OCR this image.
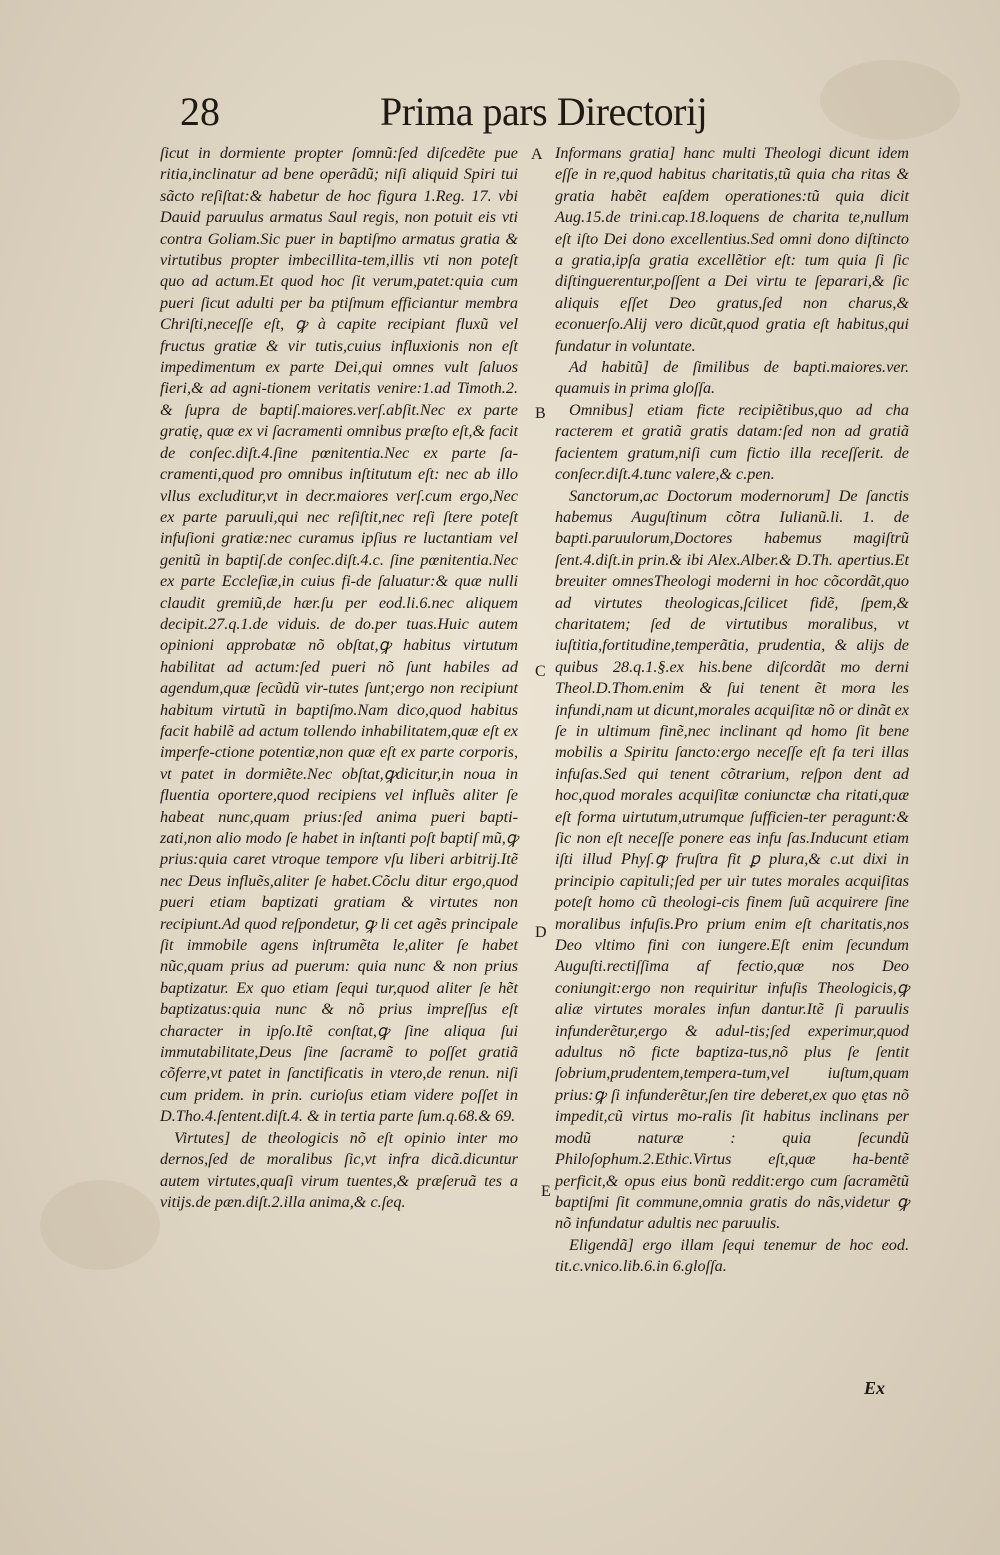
28	Prima pars Directorij

ſicut in dormiente propter ſomnũ:ſed diſcedẽte pue ritia,inclinatur ad bene operãdũ; niſi aliquid Spiri tui sãcto reſiſtat:& habetur de hoc figura 1.Reg. 17. vbi Dauid paruulus armatus Saul regis, non potuit eis vti contra Goliam.Sic puer in baptiſmo armatus gratia & virtutibus propter imbecillita-tem,illis vti non poteſt quo ad actum.Et quod hoc ſit verum,patet:quia cum pueri ſicut adulti per ba ptiſmum efficiantur membra Chriſti,neceſſe eſt, ꝙ à capite recipiant fluxũ vel fructus gratiæ & vir tutis,cuius influxionis non eſt impedimentum ex parte Dei,qui omnes vult ſaluos fieri,& ad agni-tionem veritatis venire:1.ad Timoth.2. & ſupra de baptiſ.maiores.verſ.abſit.Nec ex parte gratię, quæ ex vi ſacramenti omnibus præſto eſt,& facit de conſec.diſt.4.ſine pœnitentia.Nec ex parte ſa-cramenti,quod pro omnibus inſtitutum eſt: nec ab illo vllus excluditur,vt in decr.maiores verſ.cum ergo,Nec ex parte paruuli,qui nec reſiſtit,nec reſi ſtere poteſt infuſioni gratiæ:nec curamus ipſius re luctantiam vel genitũ in baptiſ.de conſec.diſt.4.c. ſine pœnitentia.Nec ex parte Eccleſiæ,in cuius fi-de ſaluatur:& quæ nulli claudit gremiũ,de hær.ſu per eod.li.6.nec aliquem decipit.27.q.1.de viduis. de do.per tuas.Huic autem opinioni approbatæ nõ obſtat,ꝙ habitus virtutum habilitat ad actum:ſed pueri nõ ſunt habiles ad agendum,quæ ſecũdũ vir-tutes ſunt;ergo non recipiunt habitum virtutũ in baptiſmo.Nam dico,quod habitus facit habilẽ ad actum tollendo inhabilitatem,quæ eſt ex imperfe-ctione potentiæ,non quæ eſt ex parte corporis, vt patet in dormiẽte.Nec obſtat,ꝙdicitur,in noua in fluentia oportere,quod recipiens vel influẽs aliter ſe habeat nunc,quam prius:ſed anima pueri bapti-zati,non alio modo ſe habet in inſtanti poſt baptiſ mũ,ꝙ prius:quia caret vtroque tempore vſu liberi arbitrij.Itẽ nec Deus influẽs,aliter ſe habet.Cõclu ditur ergo,quod pueri etiam baptizati gratiam & virtutes non recipiunt.Ad quod reſpondetur, ꝙ li cet agẽs principale ſit immobile agens inſtrumẽta le,aliter ſe habet nũc,quam prius ad puerum: quia nunc & non prius baptizatur. Ex quo etiam ſequi tur,quod aliter ſe hẽt baptizatus:quia nunc & nõ prius impreſſus eſt character in ipſo.Itẽ conſtat,ꝙ ſine aliqua ſui immutabilitate,Deus ſine ſacramẽ to poſſet gratiã cõferre,vt patet in ſanctificatis in vtero,de renun. niſi cum pridem. in prin. curioſus etiam videre poſſet in D.Tho.4.ſentent.diſt.4. & in tertia parte ſum.q.68.& 69.

Virtutes] de theologicis nõ eſt opinio inter mo dernos,ſed de moralibus ſic,vt infra dicã.dicuntur autem virtutes,quaſi virum tuentes,& præſeruã tes a vitijs.de pæn.diſt.2.illa anima,& c.ſeq.

A
B
C
D
E

Informans gratia] hanc multi Theologi dicunt idem eſſe in re,quod habitus charitatis,tũ quia cha ritas & gratia habẽt eaſdem operationes:tũ quia dicit Aug.15.de trini.cap.18.loquens de charita te,nullum eſt iſto Dei dono excellentius.Sed omni dono diſtincto a gratia,ipſa gratia excellẽtior eſt: tum quia ſi ſic diſtinguerentur,poſſent a Dei virtu te ſeparari,& ſic aliquis eſſet Deo gratus,ſed non charus,& econuerſo.Alij vero dicũt,quod gratia eſt habitus,qui fundatur in voluntate.

Ad habitũ] de ſimilibus de bapti.maiores.ver. quamuis in prima gloſſa.

Omnibus] etiam ficte recipiẽtibus,quo ad cha racterem et gratiã gratis datam:ſed non ad gratiã facientem gratum,niſi cum fictio illa receſſerit. de conſecr.diſt.4.tunc valere,& c.pen.

Sanctorum,ac Doctorum modernorum] De ſanctis habemus Auguſtinum cõtra Iulianũ.li. 1. de bapti.paruulorum,Doctores habemus magiſtrũ ſent.4.diſt.in prin.& ibi Alex.Alber.& D.Th. apertius.Et breuiter omnesTheologi moderni in hoc cõcordãt,quo ad virtutes theologicas,ſcilicet fidẽ, ſpem,& charitatem; ſed de virtutibus moralibus, vt iuſtitia,fortitudine,temperãtia, prudentia, & alijs de quibus 28.q.1.§.ex his.bene diſcordãt mo derni Theol.D.Thom.enim & ſui tenent ẽt mora les infundi,nam ut dicunt,morales acquiſitæ nõ or dinãt ex ſe in ultimum finẽ,nec inclinant qd homo ſit bene mobilis a Spiritu ſancto:ergo neceſſe eſt fa teri illas infuſas.Sed qui tenent cõtrarium, reſpon dent ad hoc,quod morales acquiſitæ coniunctæ cha ritati,quæ eſt forma uirtutum,utrumque ſufficien-ter peragunt:& ſic non eſt neceſſe ponere eas infu ſas.Inducunt etiam iſti illud Phyſ.ꝙ fruſtra fit ꝑ plura,& c.ut dixi in principio capituli;ſed per uir tutes morales acquiſitas poteſt homo cũ theologi-cis finem ſuũ acquirere ſine moralibus infuſis.Pro prium enim eſt charitatis,nos Deo vltimo fini con iungere.Eſt enim ſecundum Auguſti.rectiſſima af fectio,quæ nos Deo coniungit:ergo non requiritur infuſis Theologicis,ꝙ aliæ virtutes morales infun dantur.Itẽ ſi paruulis infunderẽtur,ergo & adul-tis;ſed experimur,quod adultus nõ ficte baptiza-tus,nõ plus ſe ſentit ſobrium,prudentem,tempera-tum,vel iuſtum,quam prius:ꝙ ſi infunderẽtur,ſen tire deberet,ex quo ętas nõ impedit,cũ virtus mo-ralis ſit habitus inclinans per modũ naturæ : quia ſecundũ Philoſophum.2.Ethic.Virtus eſt,quæ ha-bentẽ perficit,& opus eius bonũ reddit:ergo cum ſacramẽtũ baptiſmi ſit commune,omnia gratis do nãs,videtur ꝙ nõ infundatur adultis nec paruulis.

Eligendã] ergo illam ſequi tenemur de hoc eod. tit.c.vnico.lib.6.in 6.gloſſa.

Ex
